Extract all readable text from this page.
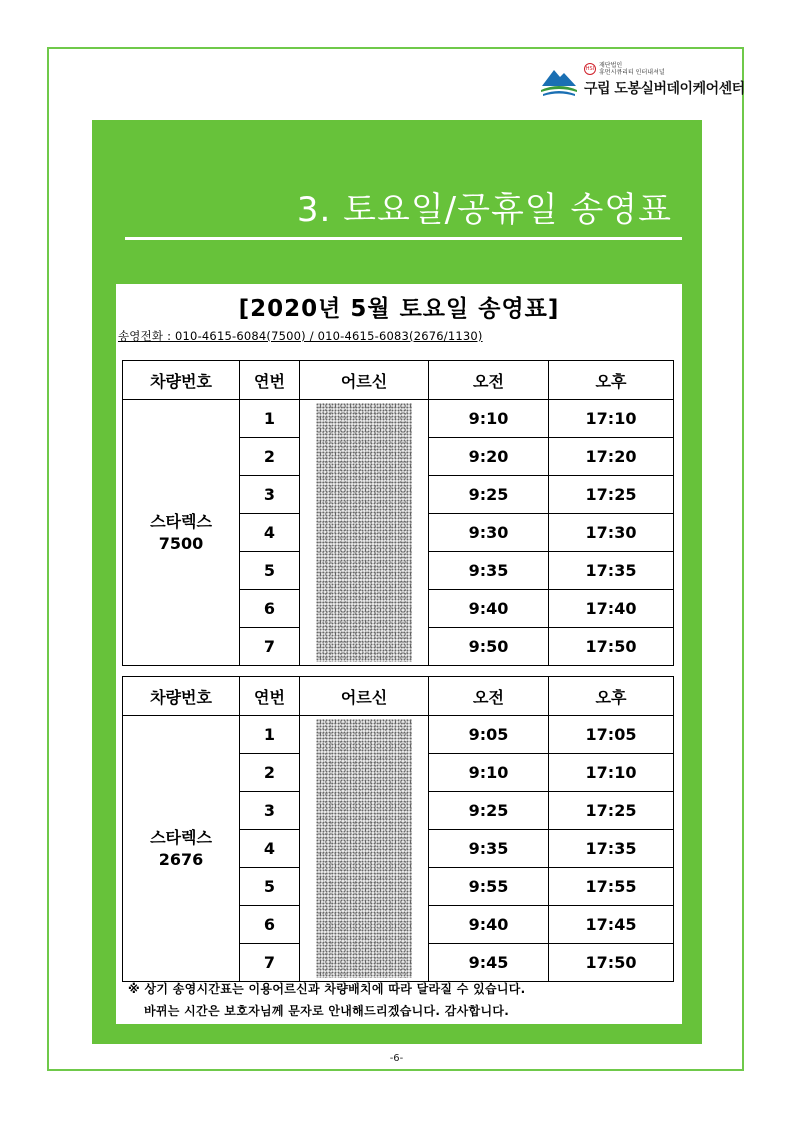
HSI 재단법인
휴먼시큐리티 인터내셔널
구립 도봉실버데이케어센터
3. 토요일/공휴일 송영표
[2020년 5월 토요일 송영표]
송영전화 : 010-4615-6084(7500) / 010-4615-6083(2676/1130)
차량번호	연번	어르신	오전	오후

스타렉스
7500	1		9:10	17:10
	2		9:20	17:20
	3		9:25	17:25
	4		9:30	17:30
	5		9:35	17:35
	6		9:40	17:40
	7		9:50	17:50
차량번호	연번	어르신	오전	오후

스타렉스
2676	1		9:05	17:05
	2		9:10	17:10
	3		9:25	17:25
	4		9:35	17:35
	5		9:55	17:55
	6		9:40	17:45
	7		9:45	17:50
※ 상기 송영시간표는 이용어르신과 차량배치에 따라 달라질 수 있습니다.
바뀌는 시간은 보호자님께 문자로 안내해드리겠습니다. 감사합니다.
-6-
